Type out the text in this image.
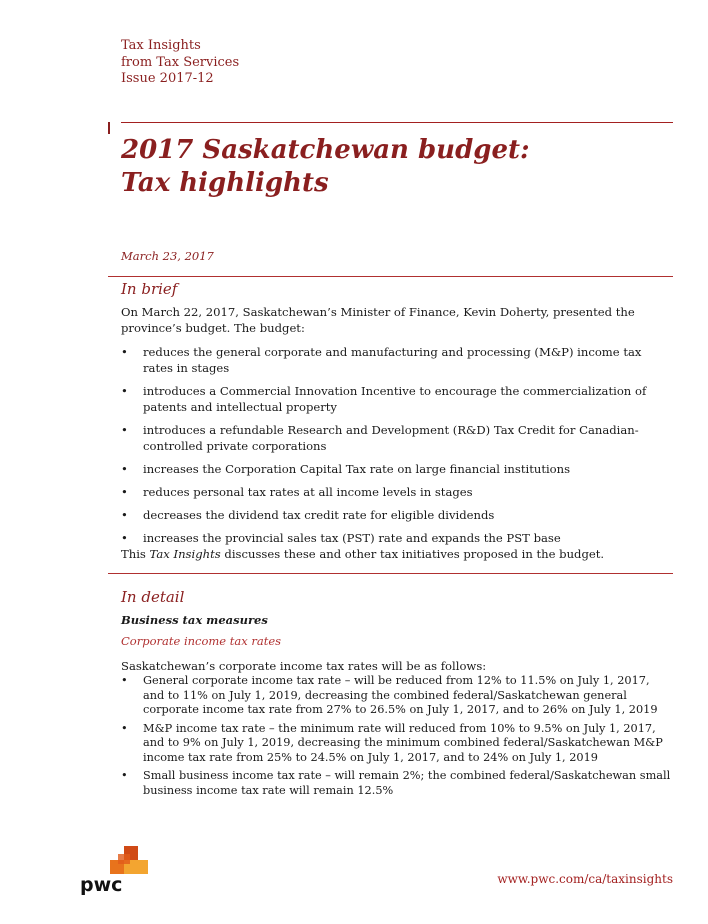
Tax Insights
from Tax Services
Issue 2017-12
2017 Saskatchewan budget:
Tax highlights
March 23, 2017
In brief
On March 22, 2017, Saskatchewan’s Minister of Finance, Kevin Doherty, presented the province’s budget. The budget:
• reduces the general corporate and manufacturing and processing (M&P) income tax rates in stages
• introduces a Commercial Innovation Incentive to encourage the commercialization of patents and intellectual property
• introduces a refundable Research and Development (R&D) Tax Credit for Canadian-controlled private corporations
• increases the Corporation Capital Tax rate on large financial institutions
• reduces personal tax rates at all income levels in stages
• decreases the dividend tax credit rate for eligible dividends
• increases the provincial sales tax (PST) rate and expands the PST base
This Tax Insights discusses these and other tax initiatives proposed in the budget.
In detail
Business tax measures
Corporate income tax rates
Saskatchewan’s corporate income tax rates will be as follows:
• General corporate income tax rate – will be reduced from 12% to 11.5% on July 1, 2017, and to 11% on July 1, 2019, decreasing the combined federal/Saskatchewan general corporate income tax rate from 27% to 26.5% on July 1, 2017, and to 26% on July 1, 2019
• M&P income tax rate – the minimum rate will reduced from 10% to 9.5% on July 1, 2017, and to 9% on July 1, 2019, decreasing the minimum combined federal/Saskatchewan M&P income tax rate from 25% to 24.5% on July 1, 2017, and to 24% on July 1, 2019
• Small business income tax rate – will remain 2%; the combined federal/Saskatchewan small business income tax rate will remain 12.5%
pwc	www.pwc.com/ca/taxinsights
